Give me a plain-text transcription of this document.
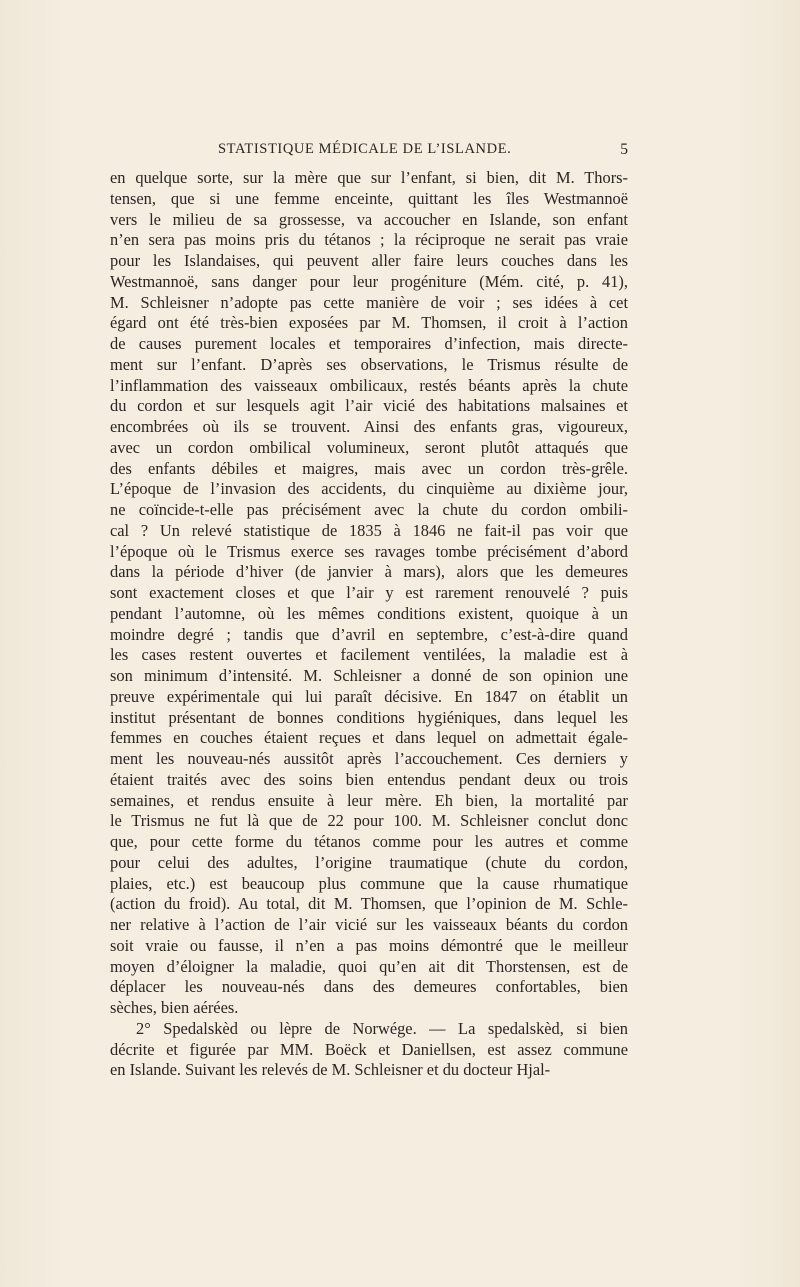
STATISTIQUE MÉDICALE DE L’ISLANDE.	5
en quelque sorte, sur la mère que sur l’enfant, si bien, dit M. Thors-
tensen, que si une femme enceinte, quittant les îles Westmannoë
vers le milieu de sa grossesse, va accoucher en Islande, son enfant
n’en sera pas moins pris du tétanos ; la réciproque ne serait pas vraie
pour les Islandaises, qui peuvent aller faire leurs couches dans les
Westmannoë, sans danger pour leur progéniture (Mém. cité, p. 41),
M. Schleisner n’adopte pas cette manière de voir ; ses idées à cet
égard ont été très-bien exposées par M. Thomsen, il croit à l’action
de causes purement locales et temporaires d’infection, mais directe-
ment sur l’enfant. D’après ses observations, le Trismus résulte de
l’inflammation des vaisseaux ombilicaux, restés béants après la chute
du cordon et sur lesquels agit l’air vicié des habitations malsaines et
encombrées où ils se trouvent. Ainsi des enfants gras, vigoureux,
avec un cordon ombilical volumineux, seront plutôt attaqués que
des enfants débiles et maigres, mais avec un cordon très-grêle.
L’époque de l’invasion des accidents, du cinquième au dixième jour,
ne coïncide-t-elle pas précisément avec la chute du cordon ombili-
cal ? Un relevé statistique de 1835 à 1846 ne fait-il pas voir que
l’époque où le Trismus exerce ses ravages tombe précisément d’abord
dans la période d’hiver (de janvier à mars), alors que les demeures
sont exactement closes et que l’air y est rarement renouvelé ? puis
pendant l’automne, où les mêmes conditions existent, quoique à un
moindre degré ; tandis que d’avril en septembre, c’est-à-dire quand
les cases restent ouvertes et facilement ventilées, la maladie est à
son minimum d’intensité. M. Schleisner a donné de son opinion une
preuve expérimentale qui lui paraît décisive. En 1847 on établit un
institut présentant de bonnes conditions hygiéniques, dans lequel les
femmes en couches étaient reçues et dans lequel on admettait égale-
ment les nouveau-nés aussitôt après l’accouchement. Ces derniers y
étaient traités avec des soins bien entendus pendant deux ou trois
semaines, et rendus ensuite à leur mère. Eh bien, la mortalité par
le Trismus ne fut là que de 22 pour 100. M. Schleisner conclut donc
que, pour cette forme du tétanos comme pour les autres et comme
pour celui des adultes, l’origine traumatique (chute du cordon,
plaies, etc.) est beaucoup plus commune que la cause rhumatique
(action du froid). Au total, dit M. Thomsen, que l’opinion de M. Schle-
ner relative à l’action de l’air vicié sur les vaisseaux béants du cordon
soit vraie ou fausse, il n’en a pas moins démontré que le meilleur
moyen d’éloigner la maladie, quoi qu’en ait dit Thorstensen, est de
déplacer les nouveau-nés dans des demeures confortables, bien
sèches, bien aérées.
2° Spedalskèd ou lèpre de Norwége. — La spedalskèd, si bien
décrite et figurée par MM. Boëck et Daniellsen, est assez commune
en Islande. Suivant les relevés de M. Schleisner et du docteur Hjal-
